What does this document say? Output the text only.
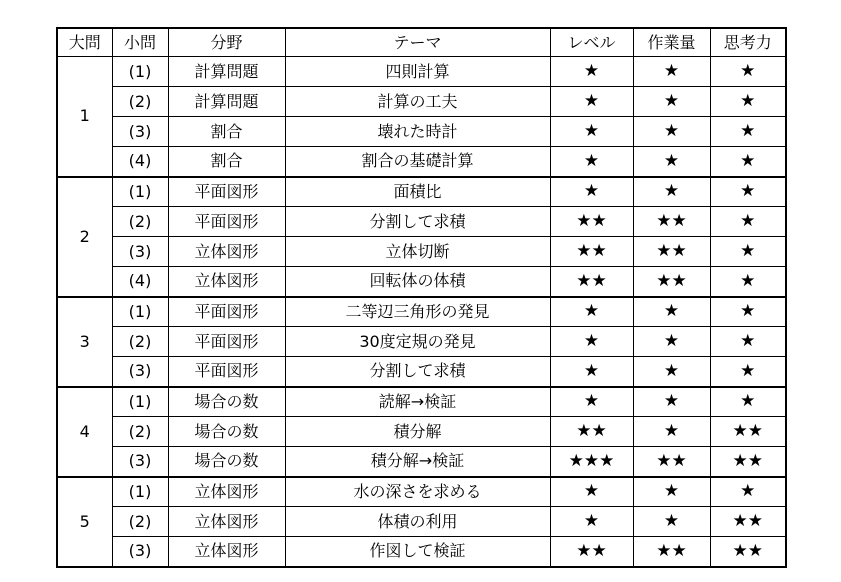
大問	小問	分野	テーマ	レベル	作業量	思考力
1	(1)	計算問題	四則計算	★	★	★
	(2)	計算問題	計算の工夫	★	★	★
	(3)	割合	壊れた時計	★	★	★
	(4)	割合	割合の基礎計算	★	★	★
2	(1)	平面図形	面積比	★	★	★
	(2)	平面図形	分割して求積	★★	★★	★
	(3)	立体図形	立体切断	★★	★★	★
	(4)	立体図形	回転体の体積	★★	★★	★
3	(1)	平面図形	二等辺三角形の発見	★	★	★
	(2)	平面図形	30度定規の発見	★	★	★
	(3)	平面図形	分割して求積	★	★	★
4	(1)	場合の数	読解→検証	★	★	★
	(2)	場合の数	積分解	★★	★	★★
	(3)	場合の数	積分解→検証	★★★	★★	★★
5	(1)	立体図形	水の深さを求める	★	★	★
	(2)	立体図形	体積の利用	★	★	★★
	(3)	立体図形	作図して検証	★★	★★	★★
